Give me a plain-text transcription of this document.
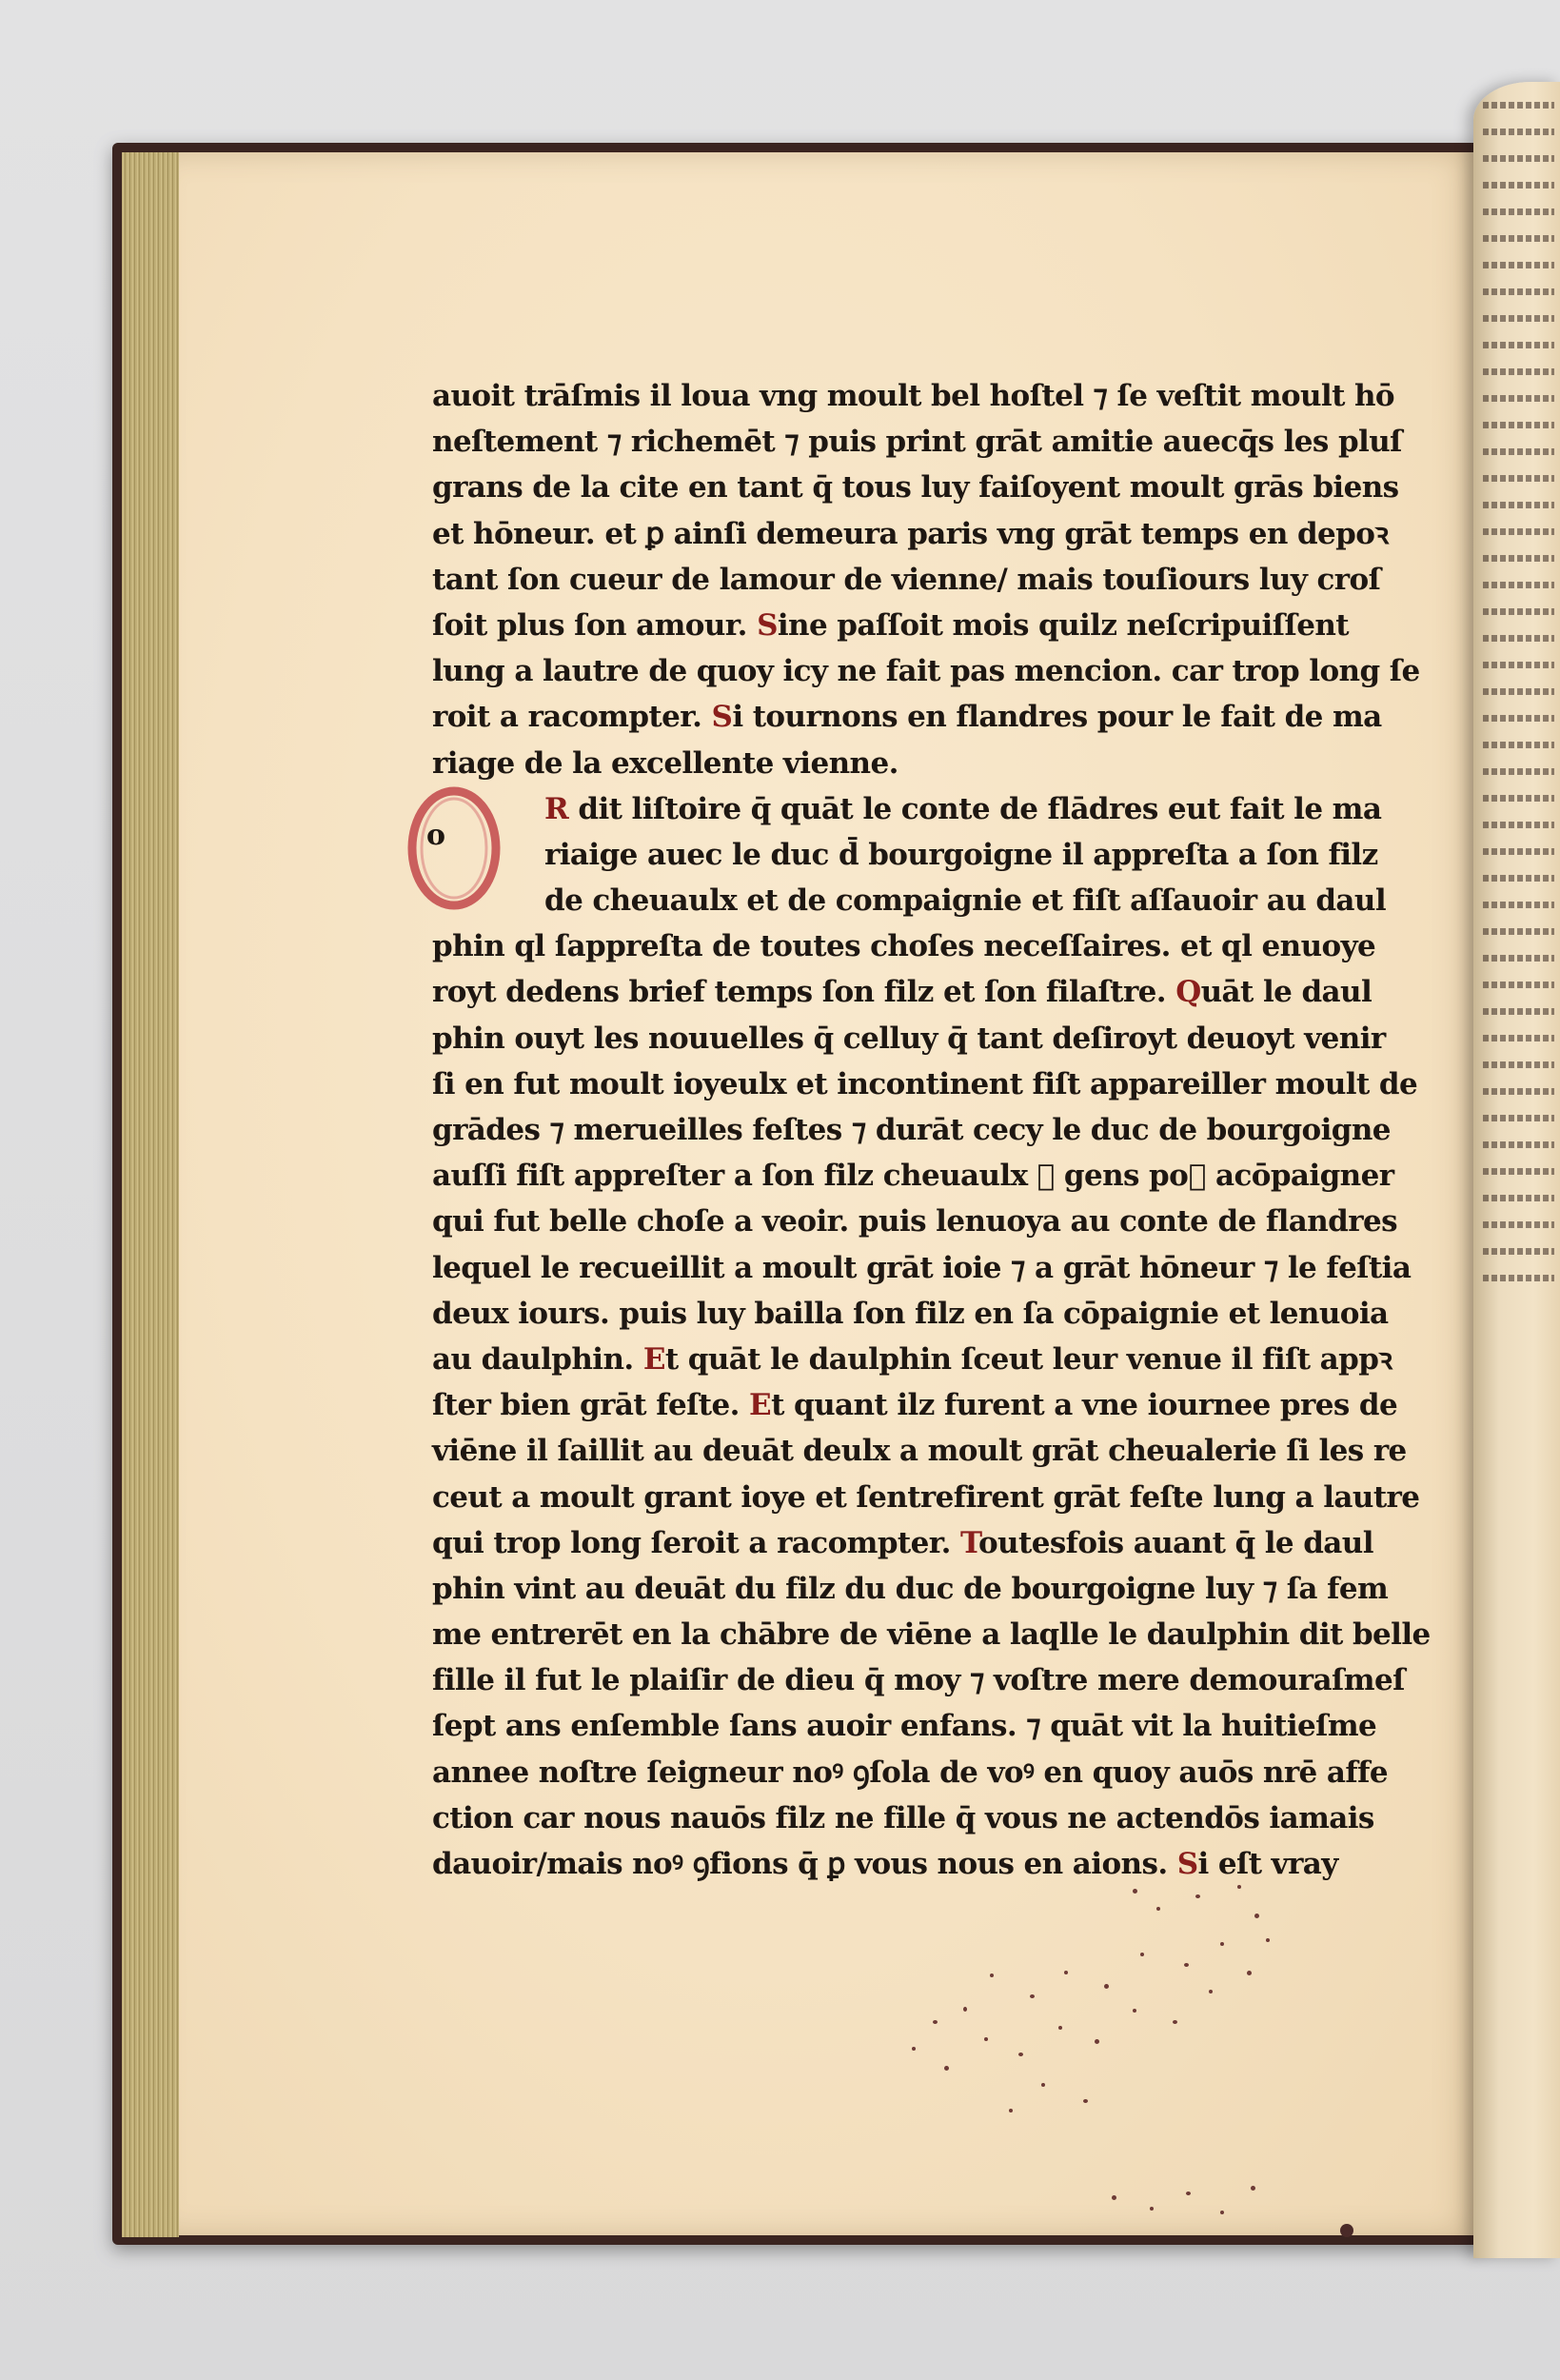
O
o
auoit trāſmis il loua vng moult bel hoſtel ⁊ ſe veſtit moult hō
neſtement ⁊ richemēt ⁊ puis print grāt amitie auecq̄s les pluſ
grans de la cite en tant q̄ tous luy faiſoyent moult grās biens
et hōneur. et ꝑ ainſi demeura paris vng grāt temps en depoꝛ
tant ſon cueur de lamour de vienne/ mais touſiours luy croſ
ſoit plus ſon amour. Sine paſſoit mois quilz neſcripuiſſent
lung a lautre de quoy icy ne fait pas mencion. car trop long ſe
roit a racompter. Si tournons en flandres pour le fait de ma
riage de la excellente vienne.
R dit liſtoire q̄ quāt le conte de flādres eut fait le ma
riaige auec le duc d̄ bourgoigne il appreſta a ſon filz
de cheuaulx et de compaignie et fiſt aſſauoir au daul
phin ql ſappreſta de toutes choſes neceſſaires. et ql enuoye
royt dedens brief temps ſon filz et ſon filaſtre. Quāt le daul
phin ouyt les nouuelles q̄ celluy q̄ tant deſiroyt deuoyt venir
ſi en fut moult ioyeulx et incontinent fiſt appareiller moult de
grādes ⁊ merueilles feſtes ⁊ durāt cecy le duc de bourgoigne
auſſi fiſt appreſter a ſon filz cheuaulx ⁊ gens poᷓ acōpaigner
qui fut belle choſe a veoir. puis lenuoya au conte de flandres
lequel le recueillit a moult grāt ioie ⁊ a grāt hōneur ⁊ le feſtia
deux iours. puis luy bailla ſon filz en ſa cōpaignie et lenuoia
au daulphin. Et quāt le daulphin ſceut leur venue il fiſt appꝛ
ſter bien grāt feſte. Et quant ilz furent a vne iournee pres de
viēne il ſaillit au deuāt deulx a moult grāt cheualerie ſi les re
ceut a moult grant ioye et ſentrefirent grāt feſte lung a lautre
qui trop long ſeroit a racompter. Toutesfois auant q̄ le daul
phin vint au deuāt du filz du duc de bourgoigne luy ⁊ ſa fem
me entrerēt en la chābre de viēne a laqlle le daulphin dit belle
fille il fut le plaiſir de dieu q̄ moy ⁊ voſtre mere demouraſmeſ
ſept ans enſemble ſans auoir enfans. ⁊ quāt vit la huitieſme
annee noſtre ſeigneur noꝰ ꝯſola de voꝰ en quoy auōs nrē affe
ction car nous nauōs filz ne fille q̄ vous ne actendōs iamais
dauoir/mais noꝰ ꝯfions q̄ ꝑ vous nous en aions. Si eſt vray
